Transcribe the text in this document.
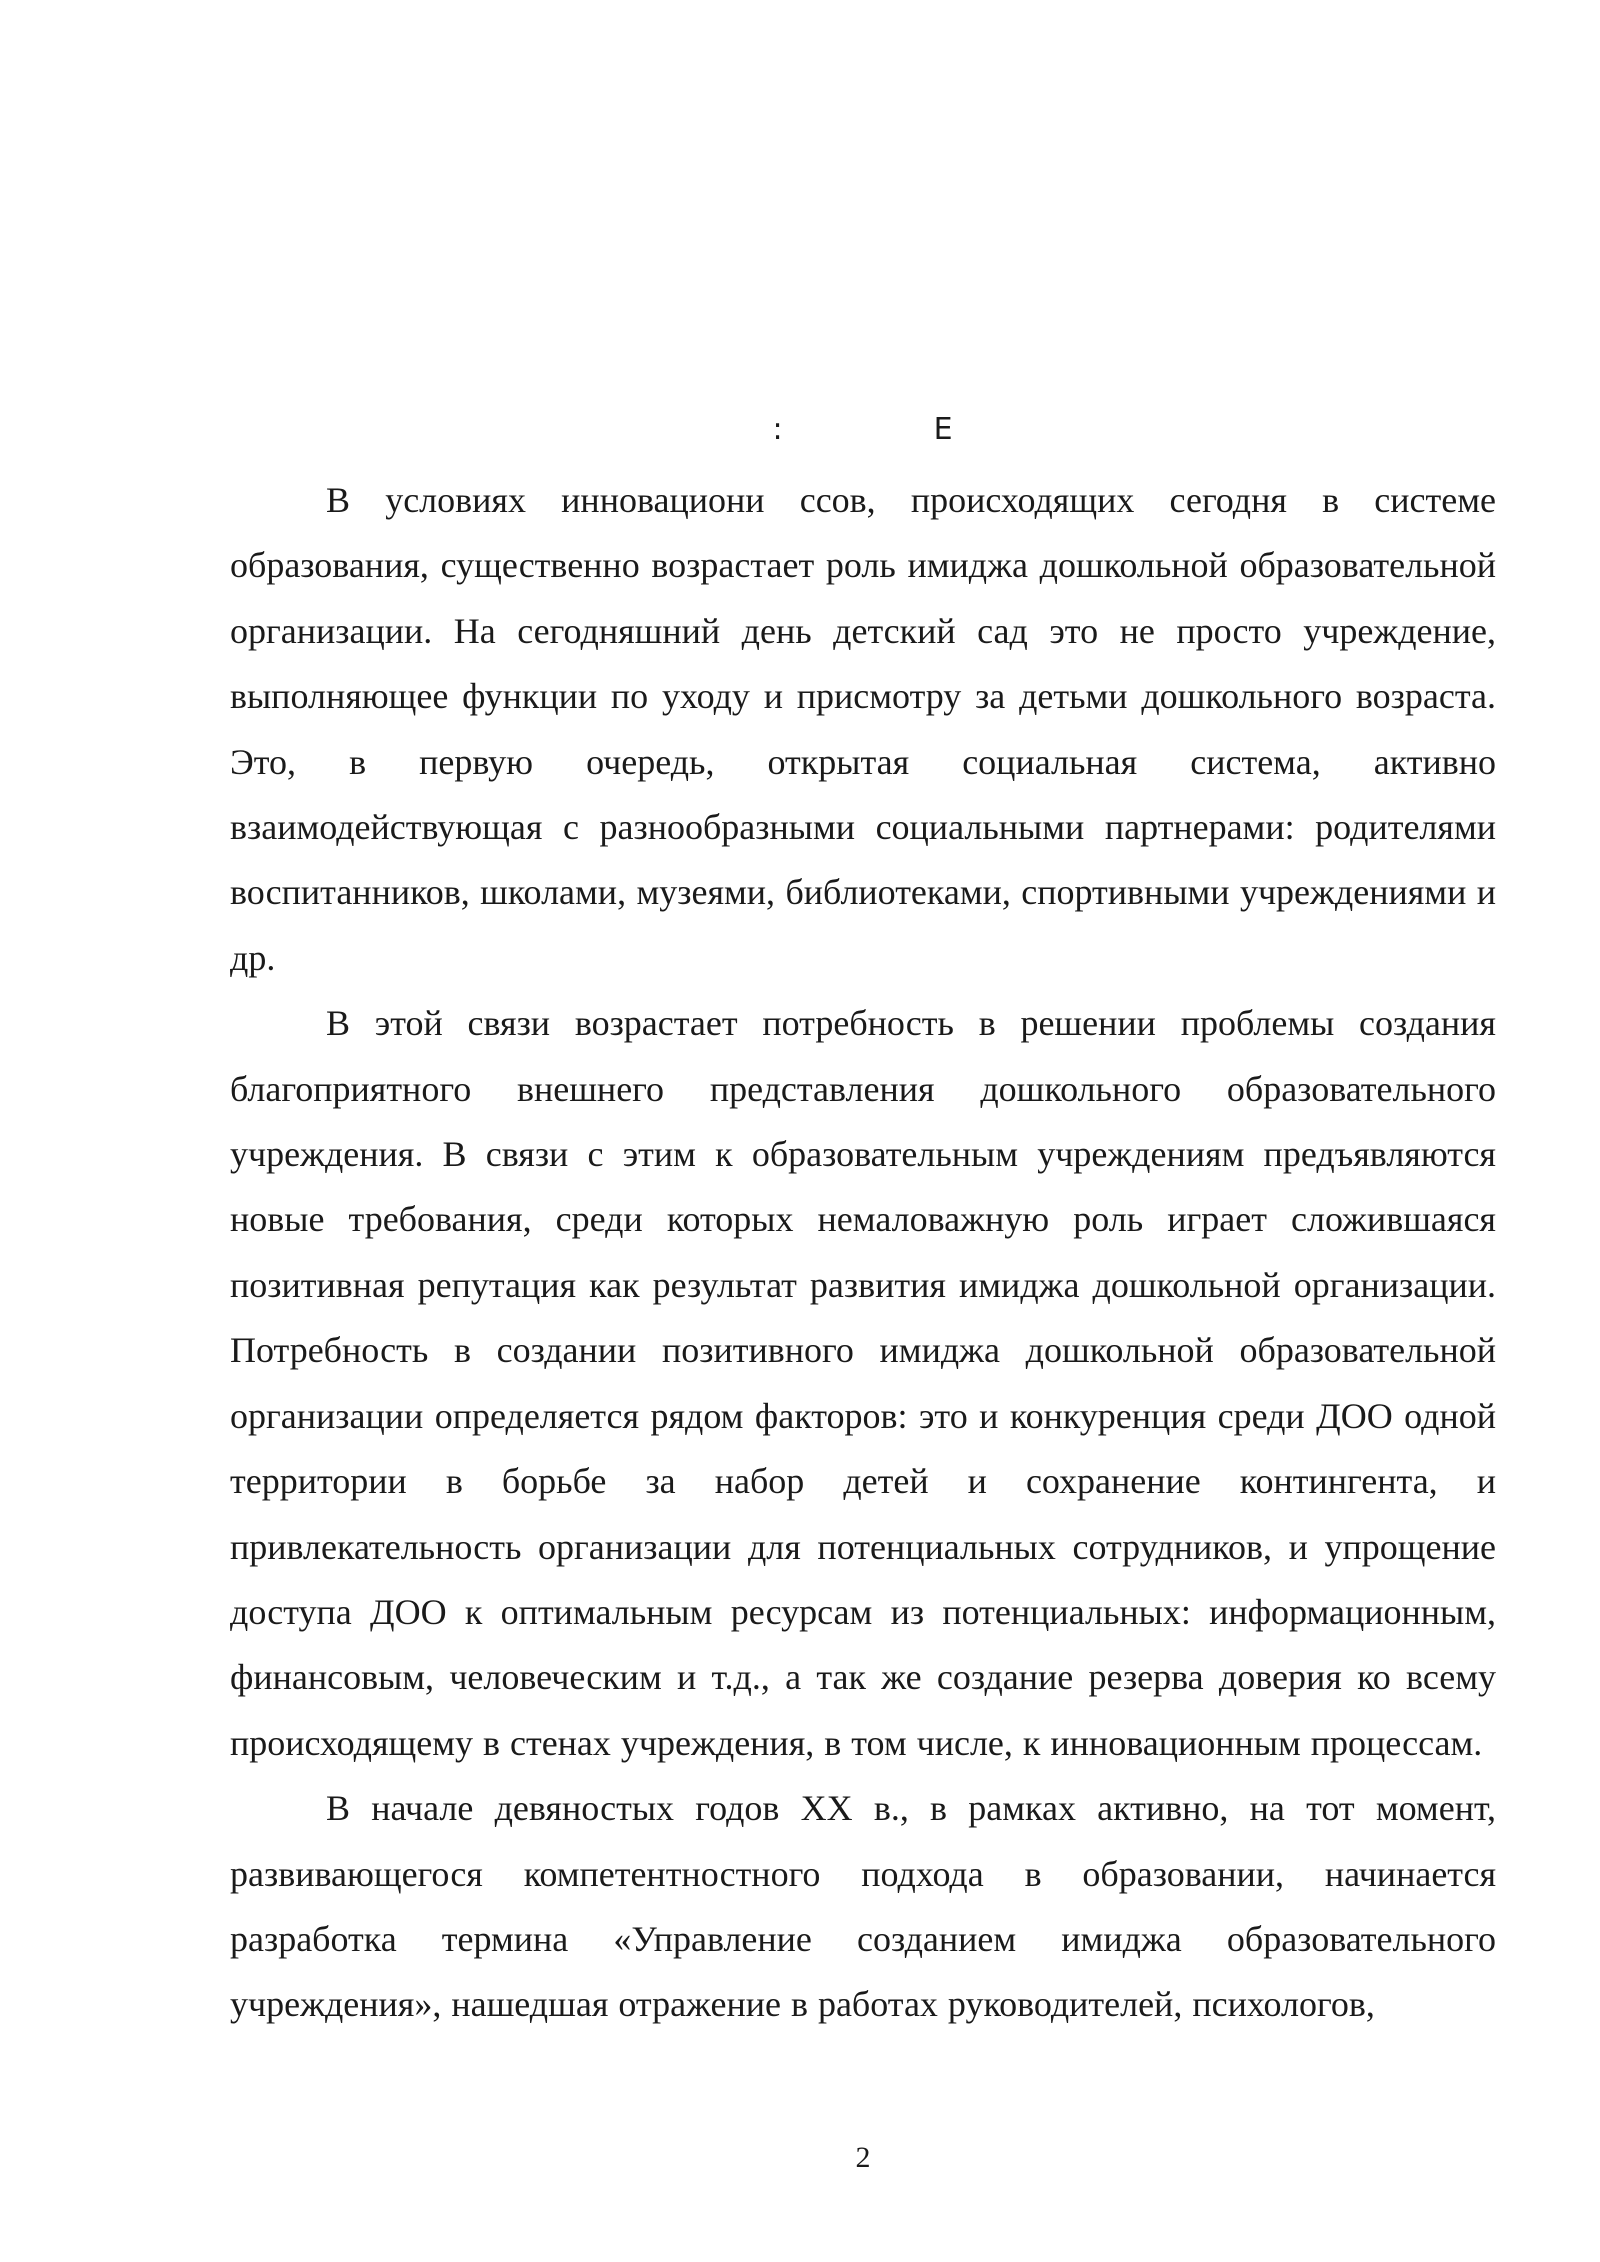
:	E

В условиях инновациони ссов, происходящих сегодня в системе образования, существенно возрастает роль имиджа дошкольной образовательной организации. На сегодняшний день детский сад это не просто учреждение, выполняющее функции по уходу и присмотру за детьми дошкольного возраста. Это, в первую очередь, открытая социальная система, активно взаимодействующая с разнообразными социальными партнерами: родителями воспитанников, школами, музеями, библиотеками, спортивными учреждениями и др.

В этой связи возрастает потребность в решении проблемы создания благоприятного внешнего представления дошкольного образовательного учреждения. В связи с этим к образовательным учреждениям предъявляются новые требования, среди которых немаловажную роль играет сложившаяся позитивная репутация как результат развития имиджа дошкольной организации. Потребность в создании позитивного имиджа дошкольной образовательной организации определяется рядом факторов: это и конкуренция среди ДОО одной территории в борьбе за набор детей и сохранение контингента, и привлекательность организации для потенциальных сотрудников, и упрощение доступа ДОО к оптимальным ресурсам из потенциальных: информационным, финансовым, человеческим и т.д., а так же создание резерва доверия ко всему происходящему в стенах учреждения, в том числе, к инновационным процессам.

В начале девяностых годов XX в., в рамках активно, на тот момент, развивающегося компетентностного подхода в образовании, начинается разработка термина «Управление созданием имиджа образовательного учреждения», нашедшая отражение в работах руководителей, психологов,

2
